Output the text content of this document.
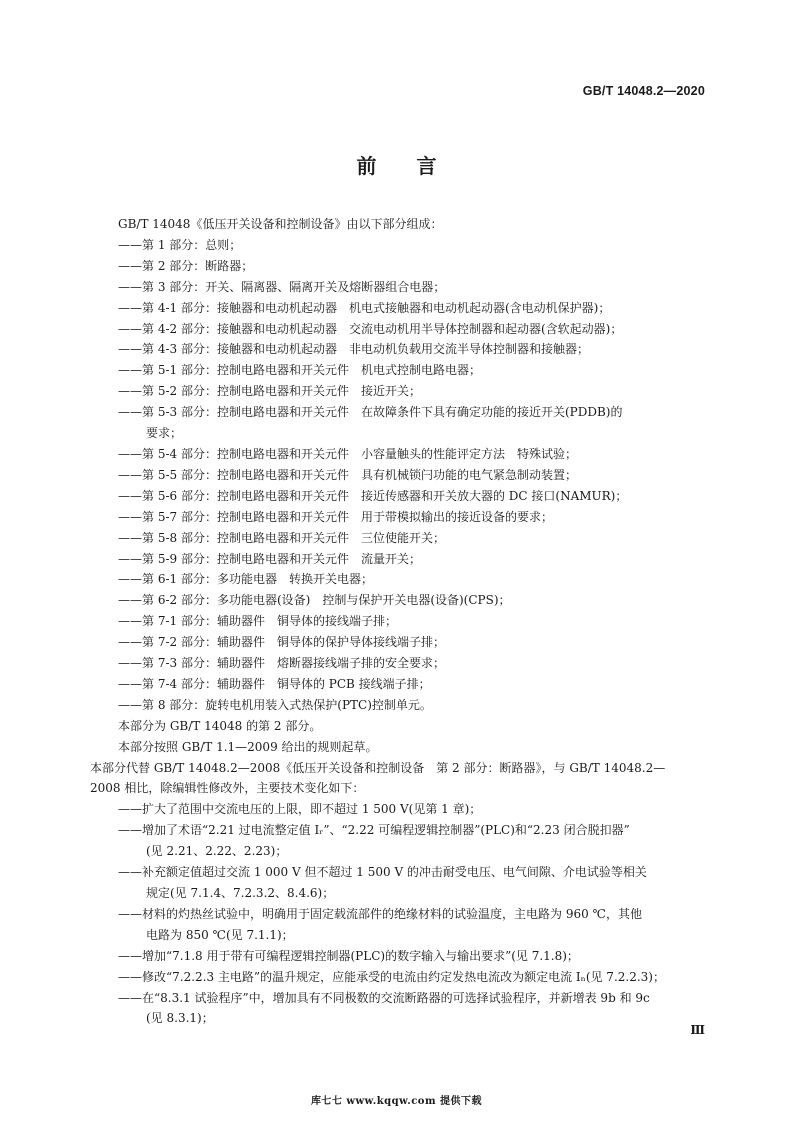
GB/T 14048.2—2020
前言

GB/T 14048《低压开关设备和控制设备》由以下部分组成：

——第 1 部分：总则；

——第 2 部分：断路器；

——第 3 部分：开关、隔离器、隔离开关及熔断器组合电器；

——第 4-1 部分：接触器和电动机起动器　机电式接触器和电动机起动器(含电动机保护器)；

——第 4-2 部分：接触器和电动机起动器　交流电动机用半导体控制器和起动器(含软起动器)；

——第 4-3 部分：接触器和电动机起动器　非电动机负载用交流半导体控制器和接触器；

——第 5-1 部分：控制电路电器和开关元件　机电式控制电路电器；

——第 5-2 部分：控制电路电器和开关元件　接近开关；

——第 5-3 部分：控制电路电器和开关元件　在故障条件下具有确定功能的接近开关(PDDB)的

要求；

——第 5-4 部分：控制电路电器和开关元件　小容量触头的性能评定方法　特殊试验；

——第 5-5 部分：控制电路电器和开关元件　具有机械锁闩功能的电气紧急制动装置；

——第 5-6 部分：控制电路电器和开关元件　接近传感器和开关放大器的 DC 接口(NAMUR)；

——第 5-7 部分：控制电路电器和开关元件　用于带模拟输出的接近设备的要求；

——第 5-8 部分：控制电路电器和开关元件　三位使能开关；

——第 5-9 部分：控制电路电器和开关元件　流量开关；

——第 6-1 部分：多功能电器　转换开关电器；

——第 6-2 部分：多功能电器(设备)　控制与保护开关电器(设备)(CPS)；

——第 7-1 部分：辅助器件　铜导体的接线端子排；

——第 7-2 部分：辅助器件　铜导体的保护导体接线端子排；

——第 7-3 部分：辅助器件　熔断器接线端子排的安全要求；

——第 7-4 部分：辅助器件　铜导体的 PCB 接线端子排；

——第 8 部分：旋转电机用装入式热保护(PTC)控制单元。

本部分为 GB/T 14048 的第 2 部分。

本部分按照 GB/T 1.1—2009 给出的规则起草。

本部分代替 GB/T 14048.2—2008《低压开关设备和控制设备　第 2 部分：断路器》，与 GB/T 14048.2—

2008 相比，除编辑性修改外，主要技术变化如下：

——扩大了范围中交流电压的上限，即不超过 1 500 V(见第 1 章)；

——增加了术语“2.21 过电流整定值 Iᵣ”、“2.22 可编程逻辑控制器”(PLC)和“2.23 闭合脱扣器”

(见 2.21、2.22、2.23)；

——补充额定值超过交流 1 000 V 但不超过 1 500 V 的冲击耐受电压、电气间隙、介电试验等相关

规定(见 7.1.4、7.2.3.2、8.4.6)；

——材料的灼热丝试验中，明确用于固定载流部件的绝缘材料的试验温度，主电路为 960 ℃，其他

电路为 850 ℃(见 7.1.1)；

——增加“7.1.8 用于带有可编程逻辑控制器(PLC)的数字输入与输出要求”(见 7.1.8)；

——修改“7.2.2.3 主电路”的温升规定，应能承受的电流由约定发热电流改为额定电流 Iₙ(见 7.2.2.3)；

——在“8.3.1 试验程序”中，增加具有不同极数的交流断路器的可选择试验程序，并新增表 9b 和 9c

(见 8.3.1)；

Ⅲ
库七七 www.kqqw.com 提供下载
